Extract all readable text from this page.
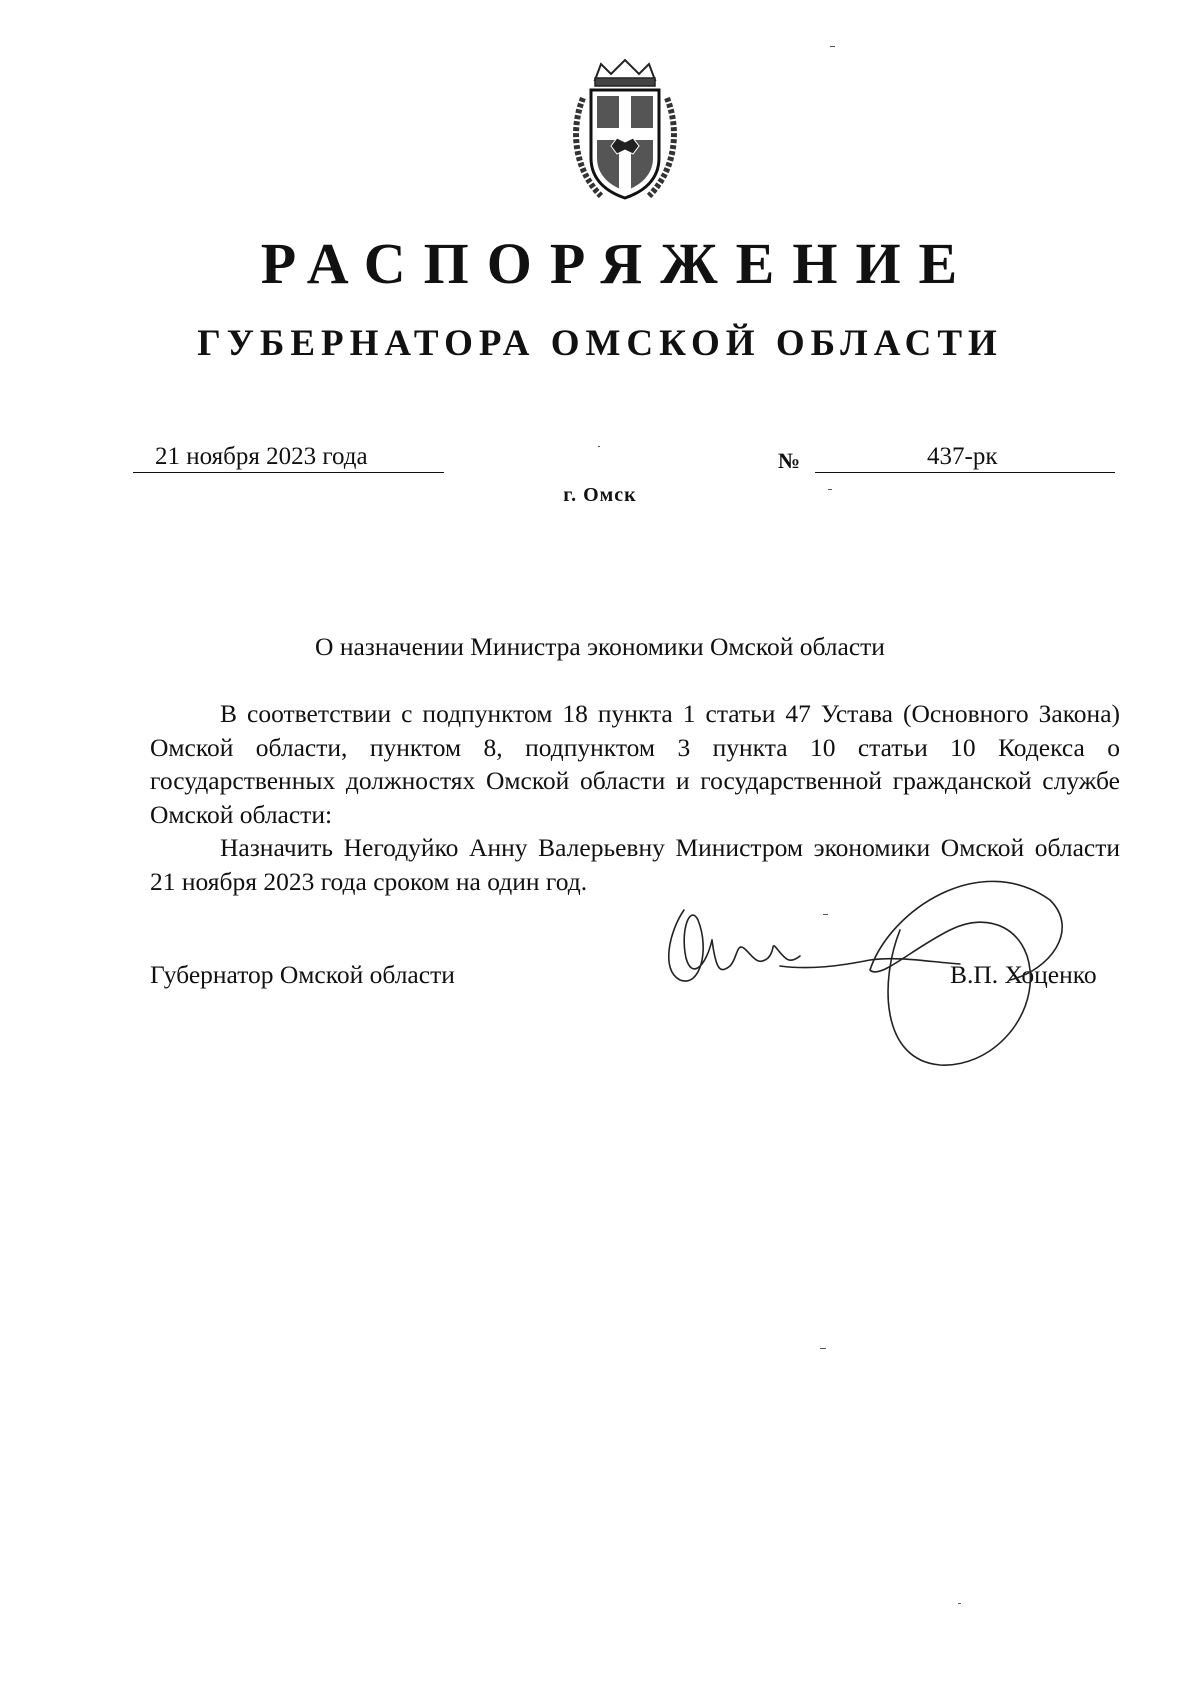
РАСПОРЯЖЕНИЕ
ГУБЕРНАТОРА ОМСКОЙ ОБЛАСТИ
21 ноября 2023 года	№	437-рк
г. Омск
О назначении Министра экономики Омской области

В соответствии с подпунктом 18 пункта 1 статьи 47 Устава (Основного Закона) Омской области, пунктом 8, подпунктом 3 пункта 10 статьи 10 Кодекса о государственных должностях Омской области и государственной гражданской службе Омской области:

Назначить Негодуйко Анну Валерьевну Министром экономики Омской области 21 ноября 2023 года сроком на один год.

Губернатор Омской области	В.П. Хоценко
